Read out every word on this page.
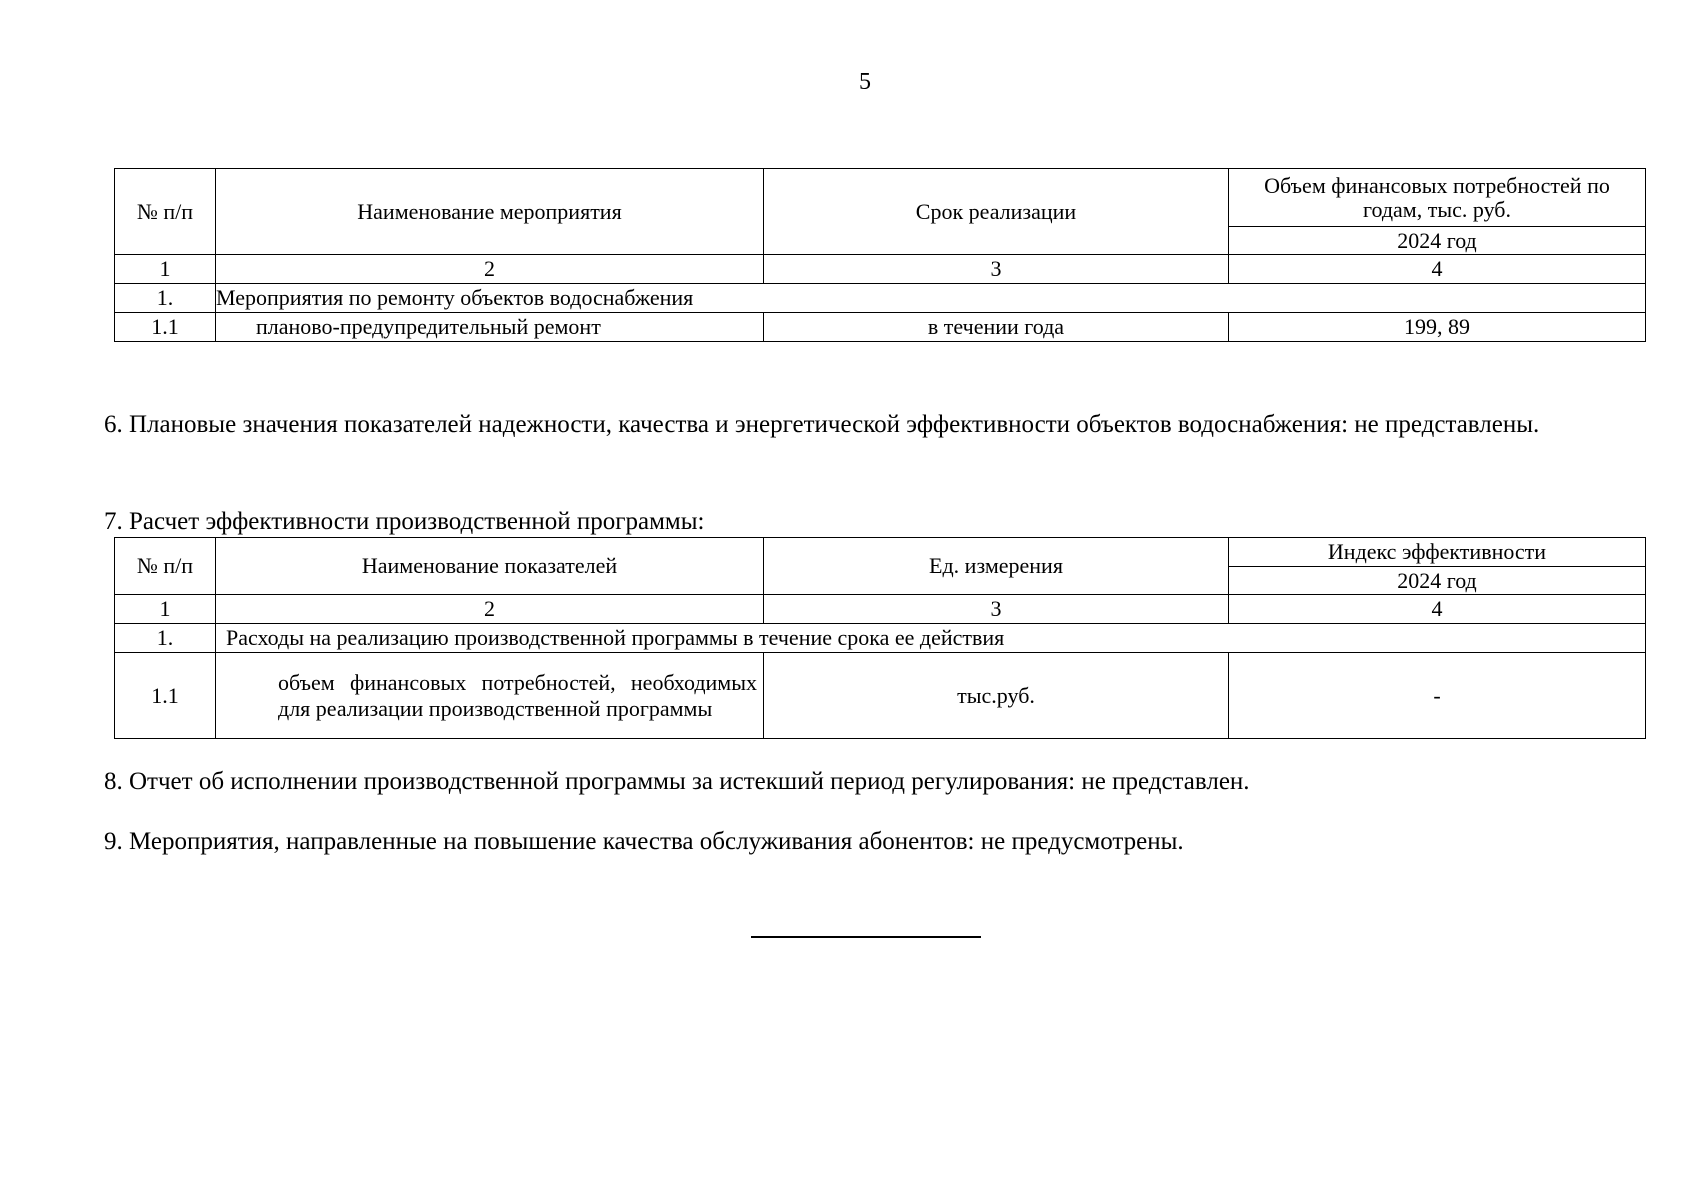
5
№ п/п	Наименование мероприятия	Срок реализации	Объем финансовых потребностей по годам, тыс. руб.
			2024 год
1	2	3	4
1.	Мероприятия по ремонту объектов водоснабжения		
1.1	планово-предупредительный ремонт	в течении года	199, 89

6. Плановые значения показателей надежности, качества и энергетической эффективности объектов водоснабжения: не представлены.

7. Расчет эффективности производственной программы:

№ п/п	Наименование показателей	Ед. измерения	Индекс эффективности
			2024 год
1	2	3	4
1.	Расходы на реализацию производственной программы в течение срока ее действия		
1.1	объем финансовых потребностей, необходимых для реализации производственной программы	тыс.руб.	-

8. Отчет об исполнении производственной программы за истекший период регулирования: не представлен.

9. Мероприятия, направленные на повышение качества обслуживания абонентов: не предусмотрены.
